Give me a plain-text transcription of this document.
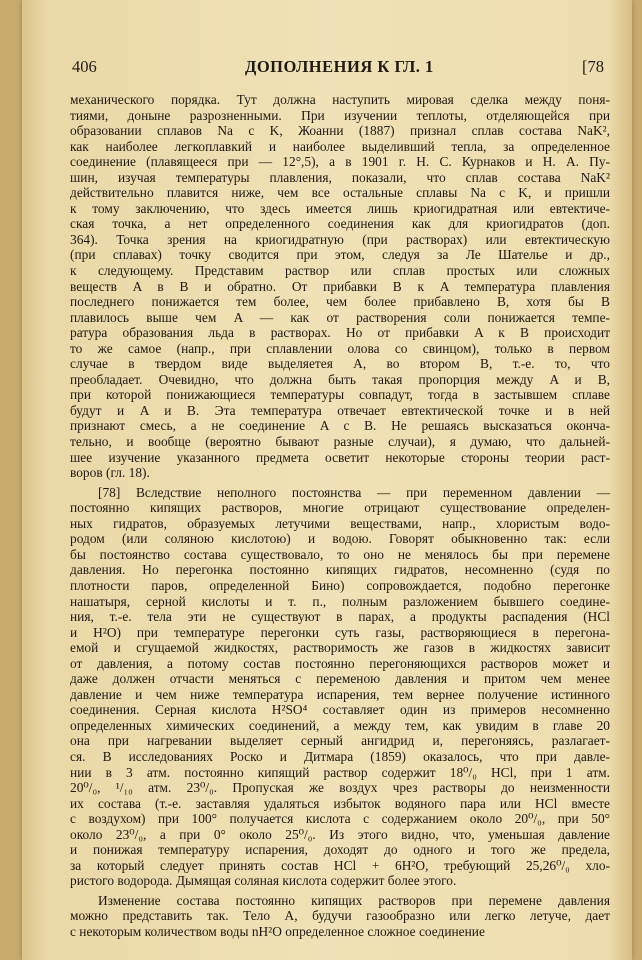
406	ДОПОЛНЕНИЯ К ГЛ. 1	[78
механического порядка. Тут должна наступить мировая сделка между поня-
тиями, доныне разрозненными. При изучении теплоты, отделяющейся при
образовании сплавов Na с K, Жоанни (1887) признал сплав состава NaK²,
как наиболее легкоплавкий и наиболее выделивший тепла, за определенное
соединение (плавящееся при — 12°,5), а в 1901 г. Н. С. Курнаков и Н. А. Пу-
шин, изучая температуры плавления, показали, что сплав состава NaK²
действительно плавится ниже, чем все остальные сплавы Na с K, и пришли
к тому заключению, что здесь имеется лишь криогидратная или евтектиче-
ская точка, а нет определенного соединения как для криогидратов (доп.
364). Точка зрения на криогидратную (при растворах) или евтектическую
(при сплавах) точку сводится при этом, следуя за Ле Шателье и др.,
к следующему. Представим раствор или сплав простых или сложных
веществ A в B и обратно. От прибавки B к A температура плавления
последнего понижается тем более, чем более прибавлено B, хотя бы B
плавилось выше чем A — как от растворения соли понижается темпе-
ратура образования льда в растворах. Но от прибавки A к B происходит
то же самое (напр., при сплавлении олова со свинцом), только в первом
случае в твердом виде выделяетея A, во втором B, т.-е. то, что
преобладает. Очевидно, что должна быть такая пропорция между A и B,
при которой понижающиеся температуры совпадут, тогда в застывшем сплаве
будут и A и B. Эта температура отвечает евтектической точке и в ней
признают смесь, а не соединение A с B. Не решаясь высказаться оконча-
тельно, и вообще (вероятно бывают разные случаи), я думаю, что дальней-
шее изучение указанного предмета осветит некоторые стороны теории раст-
воров (гл. 18).
[78] Вследствие неполного постоянства — при переменном давлении —
постоянно кипящих растворов, многие отрицают существование определен-
ных гидратов, образуемых летучими веществами, напр., хлористым водо-
родом (или соляною кислотою) и водою. Говорят обыкновенно так: если
бы постоянство состава существовало, то оно не менялось бы при перемене
давления. Но перегонка постоянно кипящих гидратов, несомненно (судя по
плотности паров, определенной Бино) сопровождается, подобно перегонке
нашатыря, серной кислоты и т. п., полным разложением бывшего соедине-
ния, т.-е. тела эти не существуют в парах, а продукты распадения (HCl
и H²O) при температуре перегонки суть газы, растворяющиеся в перегона-
емой и сгущаемой жидкостях, растворимость же газов в жидкостях зависит
от давления, а потому состав постоянно перегоняющихся растворов может и
даже должен отчасти меняться с переменою давления и притом чем менее
давление и чем ниже температура испарения, тем вернее получение истинного
соединения. Серная кислота H²SO⁴ составляет один из примеров несомненно
определенных химических соединений, а между тем, как увидим в главе 20
она при нагревании выделяет серный ангидрид и, перегоняясь, разлагает-
ся. В исследованиях Роско и Дитмара (1859) оказалось, что при давле-
нии в 3 атм. постоянно кипящий раствор содержит 18⁰/₀ HCl, при 1 атм.
20⁰/₀, ¹/₁₀ атм. 23⁰/₀. Пропуская же воздух чрез растворы до неизменности
их состава (т.-е. заставляя удаляться избыток водяного пара или HCl вместе
с воздухом) при 100° получается кислота с содержанием около 20⁰/₀, при 50°
около 23⁰/₀, а при 0° около 25⁰/₀. Из этого видно, что, уменьшая давление
и понижая температуру испарения, доходят до одного и того же предела,
за который следует принять состав HCl + 6H²O, требующий 25,26⁰/₀ хло-
ристого водорода. Дымящая соляная кислота содержит более этого.
Изменение состава постоянно кипящих растворов при перемене давления
можно представить так. Тело A, будучи газообразно или легко летуче, дает
с некоторым количеством воды nH²O определенное сложное соединение
